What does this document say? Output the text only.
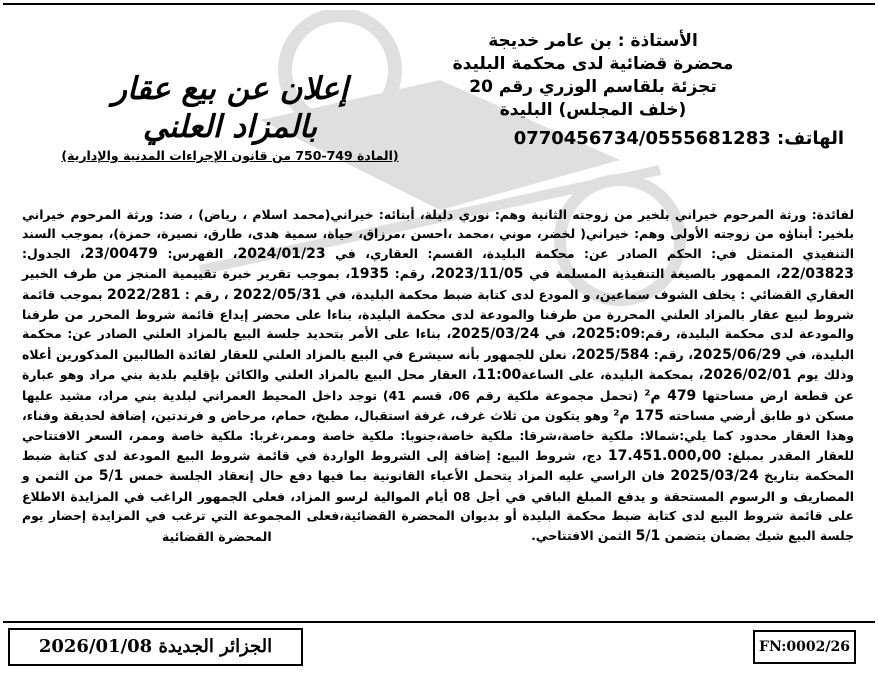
الأستاذة : بن عامر خديجة
محضرة قضائية لدى محكمة البليدة
تجزئة بلقاسم الوزري رقم 20
(خلف المجلس) البليدة
الهاتف: 0770456734/0555681283
إعلان عن بيع عقار
بالمزاد العلني
(المادة 749-750 من قانون الإجراءات المدنية والإدارية)
لفائدة: ورثة المرحوم خيراني بلخير من زوجته الثانية وهم: نوري دليلة، أبنائه: خيراني(محمد اسلام ، رياض) ، ضد: ورثة المرحوم خيراني بلخير: أبناؤه من زوجته الأولى وهم: خيراني( لخضر، موني ،محمد ،احسن ،مرزاق، حياة، سمية هدى، طارق، نصيرة، حمزة)، بموجب السند التنفيذي المتمثل في: الحكم الصادر عن: محكمة البليدة، القسم: العقاري، في 2024/01/23، الفهرس: 23/00479، الجدول: 22/03823، الممهور بالصيغة التنفيذية المسلمة في 2023/11/05، رقم: 1935، بموجب تقرير خبرة تقييمية المنجز من طرف الخبير العقاري القضائي : يخلف الشوف سماعين، و المودع لدى كتابة ضبط محكمة البليدة، في 2022/05/31 ، رقم : 2022/281 بموجب قائمة شروط لبيع عقار بالمزاد العلني المحررة من طرفنا والمودعة لدى محكمة البليدة، بناءا على محضر إيداع قائمة شروط المحرر من طرفنا والمودعة لدى محكمة البليدة، رقم:2025:09، في 2025/03/24، بناءا على الأمر بتحديد جلسة البيع بالمزاد العلني الصادر عن: محكمة البليدة، في 2025/06/29، رقم: 2025/584، نعلن للجمهور بأنه سيشرع في البيع بالمزاد العلني للعقار لفائدة الطالبين المذكورين أعلاه وذلك يوم 2026/02/01، بمحكمة البليدة، على الساعة11:00، العقار محل البيع بالمزاد العلني والكائن بإقليم بلدية بني مراد وهو عبارة عن قطعة ارض مساحتها 479 م² (تحمل مجموعة ملكية رقم 06، قسم 41) توجد داخل المحيط العمراني لبلدية بني مراد، مشيد عليها مسكن ذو طابق أرضي مساحته 175 م² وهو يتكون من ثلاث غرف، غرفة استقبال، مطبخ، حمام، مرحاض و فرندتين، إضافة لحديقة وفناء، وهذا العقار محدود كما يلي:شمالا: ملكية خاصة،شرقا: ملكية خاصة،جنوبا: ملكية خاصة وممر،غربا: ملكية خاصة وممر، السعر الافتتاحي للعقار المقدر بمبلغ: 17.451.000,00 دج، شروط البيع: إضافة إلى الشروط الواردة في قائمة شروط البيع المودعة لدى كتابة ضبط المحكمة بتاريخ 2025/03/24 فان الراسي عليه المزاد يتحمل الأعباء القانونية بما فيها دفع حال إنعقاد الجلسة خمس 5/1 من الثمن و المصاريف و الرسوم المستحقة و يدفع المبلغ الباقي في أجل 08 أيام الموالية لرسو المزاد، فعلى الجمهور الراغب في المزايدة الاطلاع على قائمة شروط البيع لدى كتابة ضبط محكمة البليدة أو بديوان المحضرة القضائية،فعلى المجموعة التي ترغب في المزايدة إحضار يوم جلسة البيع شيك بضمان يتضمن 5/1 الثمن الافتتاحي.
المحضرة القضائية
FN:0002/26
الجزائر الجديدة 2026/01/08
